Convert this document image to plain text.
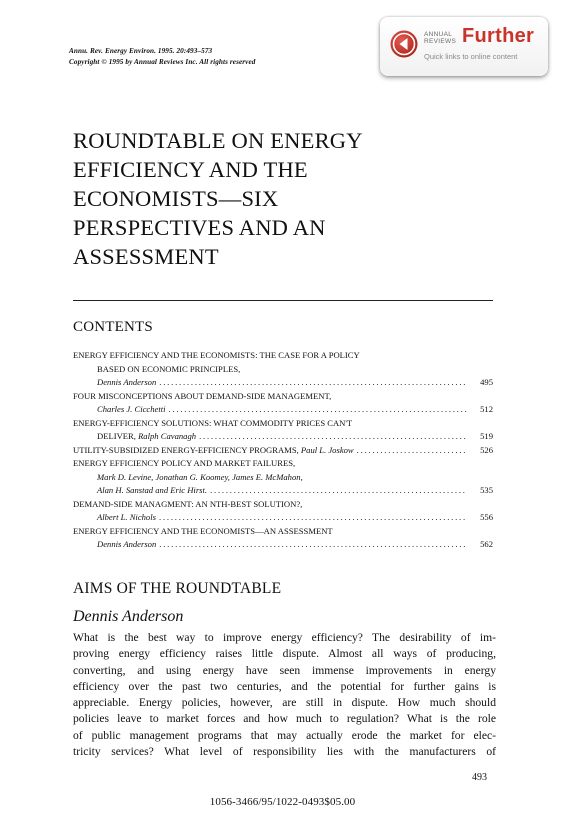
Annu. Rev. Energy Environ. 1995. 20:493–573
Copyright © 1995 by Annual Reviews Inc. All rights reserved
ANNUAL
REVIEWS Further
Quick links to online content
ROUNDTABLE ON ENERGY
EFFICIENCY AND THE
ECONOMISTS—SIX
PERSPECTIVES AND AN
ASSESSMENT
CONTENTS
ENERGY EFFICIENCY AND THE ECONOMISTS: THE CASE FOR A POLICY
BASED ON ECONOMIC PRINCIPLES,
Dennis Anderson .....	495
FOUR MISCONCEPTIONS ABOUT DEMAND-SIDE MANAGEMENT,
Charles J. Cicchetti .....	512
ENERGY-EFFICIENCY SOLUTIONS: WHAT COMMODITY PRICES CAN'T
DELIVER, Ralph Cavanagh .....	519
UTILITY-SUBSIDIZED ENERGY-EFFICIENCY PROGRAMS, Paul L. Joskow .....	526
ENERGY EFFICIENCY POLICY AND MARKET FAILURES,
Mark D. Levine, Jonathan G. Koomey, James E. McMahon,
Alan H. Sanstad and Eric Hirst. .....	535
DEMAND-SIDE MANAGMENT: AN NTH-BEST SOLUTION?,
Albert L. Nichols .....	556
ENERGY EFFICIENCY AND THE ECONOMISTS—AN ASSESSMENT
Dennis Anderson .....	562
AIMS OF THE ROUNDTABLE
Dennis Anderson
What is the best way to improve energy efficiency? The desirability of im-
proving energy efficiency raises little dispute. Almost all ways of producing,
converting, and using energy have seen immense improvements in energy
efficiency over the past two centuries, and the potential for further gains is
appreciable. Energy policies, however, are still in dispute. How much should
policies leave to market forces and how much to regulation? What is the role
of public management programs that may actually erode the market for elec-
tricity services? What level of responsibility lies with the manufacturers of
493
1056-3466/95/1022-0493$05.00
